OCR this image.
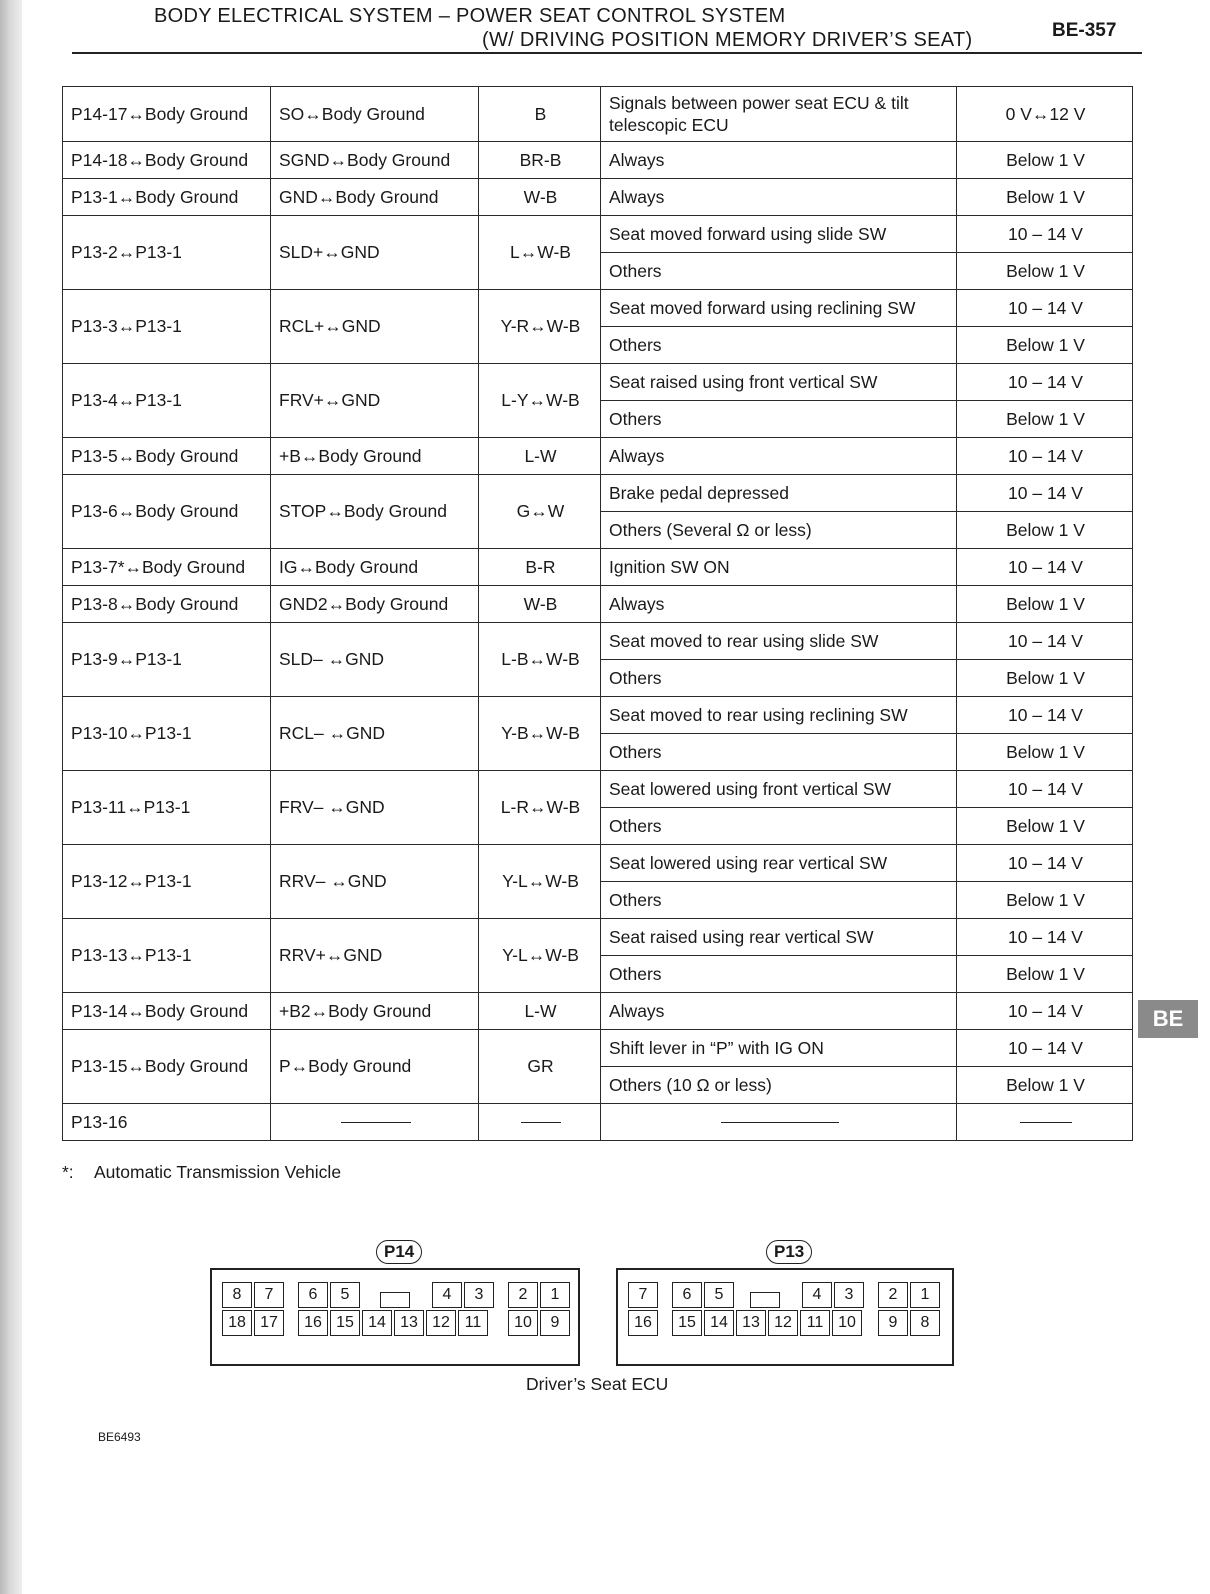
BODY ELECTRICAL SYSTEM – POWER SEAT CONTROL SYSTEM
(W/ DRIVING POSITION MEMORY DRIVER’S SEAT)	BE-357
P14-17↔Body Ground	SO↔Body Ground	B	Signals between power seat ECU & tilt telescopic ECU	0 V↔12 V
P14-18↔Body Ground	SGND↔Body Ground	BR-B	Always	Below 1 V
P13-1↔Body Ground	GND↔Body Ground	W-B	Always	Below 1 V
P13-2↔P13-1	SLD+↔GND	L↔W-B	Seat moved forward using slide SW	10 – 14 V
			Others	Below 1 V
P13-3↔P13-1	RCL+↔GND	Y-R↔W-B	Seat moved forward using reclining SW	10 – 14 V
			Others	Below 1 V
P13-4↔P13-1	FRV+↔GND	L-Y↔W-B	Seat raised using front vertical SW	10 – 14 V
			Others	Below 1 V
P13-5↔Body Ground	+B↔Body Ground	L-W	Always	10 – 14 V
P13-6↔Body Ground	STOP↔Body Ground	G↔W	Brake pedal depressed	10 – 14 V
			Others (Several Ω or less)	Below 1 V
P13-7*↔Body Ground	IG↔Body Ground	B-R	Ignition SW ON	10 – 14 V
P13-8↔Body Ground	GND2↔Body Ground	W-B	Always	Below 1 V
P13-9↔P13-1	SLD– ↔GND	L-B↔W-B	Seat moved to rear using slide SW	10 – 14 V
			Others	Below 1 V
P13-10↔P13-1	RCL– ↔GND	Y-B↔W-B	Seat moved to rear using reclining SW	10 – 14 V
			Others	Below 1 V
P13-11↔P13-1	FRV– ↔GND	L-R↔W-B	Seat lowered using front vertical SW	10 – 14 V
			Others	Below 1 V
P13-12↔P13-1	RRV– ↔GND	Y-L↔W-B	Seat lowered using rear vertical SW	10 – 14 V
			Others	Below 1 V
P13-13↔P13-1	RRV+↔GND	Y-L↔W-B	Seat raised using rear vertical SW	10 – 14 V
			Others	Below 1 V
P13-14↔Body Ground	+B2↔Body Ground	L-W	Always	10 – 14 V
P13-15↔Body Ground	P↔Body Ground	GR	Shift lever in “P” with IG ON	10 – 14 V
			Others (10 Ω or less)	Below 1 V
P13-16				
BE
*: Automatic Transmission Vehicle
P14
8	7	6	5	4	3	2	1
18 17	16 15 14 13 12 11	10	9
P13
7	6	5	4	3	2	1
16	15 14 13 12 11 10	9	8
Driver’s Seat ECU
BE6493
